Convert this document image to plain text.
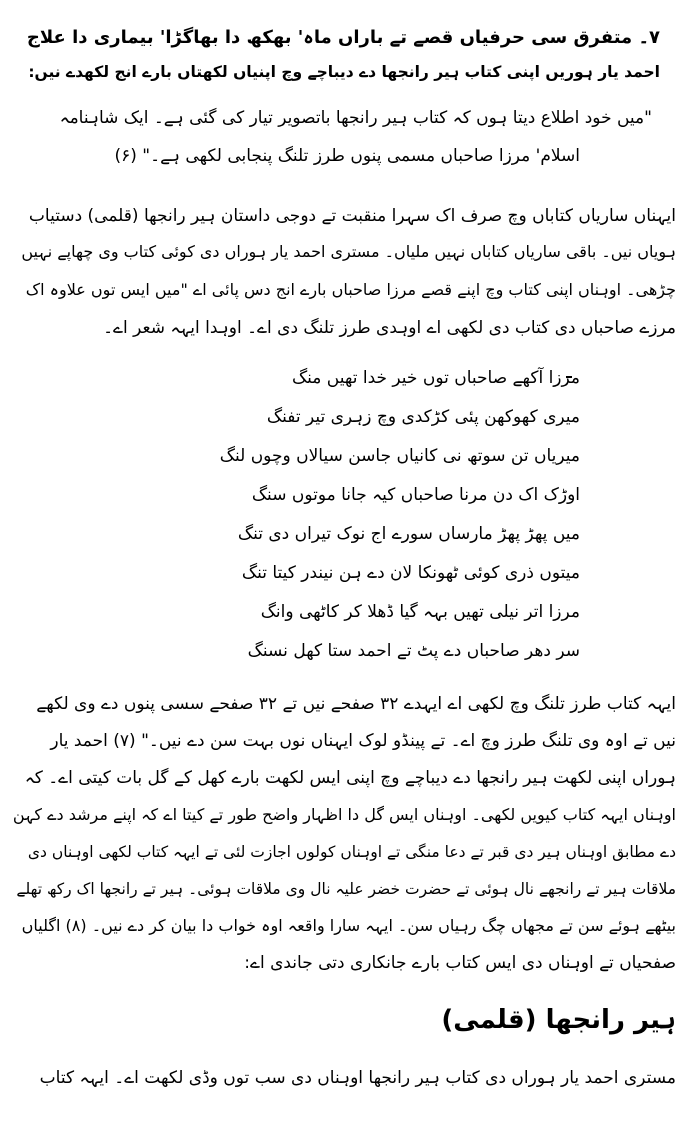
۷۔ متفرق سی حرفیاں قصے تے باراں ماہ' بھکھ دا بھاگڑا' بیماری دا علاج
احمد یار ہوریں اپنی کتاب ہیر رانجھا دے دیباچے وچ اپنیاں لکھتاں بارے انج لکھدے نیں:
"میں خود اطلاع دیتا ہوں کہ کتاب ہیر رانجھا باتصویر تیار کی گئی ہے۔ ایک شاہنامہ
اسلام' مرزا صاحباں مسمی پنوں طرز تلنگ پنجابی لکھی ہے۔" (۶)
ایہناں ساریاں کتاباں وچ صرف اک سہرا منقبت تے دوجی داستان ہیر رانجھا (قلمی) دستیاب
ہویاں نیں۔ باقی ساریاں کتاباں نہیں ملیاں۔ مستری احمد یار ہوراں دی کوئی کتاب وی چھاپے نہیں
چڑھی۔ اوہناں اپنی کتاب وچ اپنے قصے مرزا صاحباں بارے انج دس پائی اے "میں ایس توں علاوہ اک
مرزے صاحباں دی کتاب دی لکھی اے اوہدی طرز تلنگ دی اے۔ اوہدا ایہہ شعر اے۔
مرزا آکھے صاحباں توں خیر خدا تھیں منگ
میری کھوکھن پئی کڑکدی وچ زہری تیر تفنگ
میریاں تن سوتھ نی کانیاں جاسن سیالاں وچوں لنگ
اوڑک اک دن مرنا صاحباں کیہ جانا موتوں سنگ
میں پھڑ پھڑ مارساں سورے اج نوک تیراں دی تنگ
میتوں ذری کوئی ٹھونکا لان دے ہن نیندر کیتا تنگ
مرزا اتر نیلی تھیں بہہ گیا ڈھلا کر کاٹھی وانگ
سر دھر صاحباں دے پٹ تے احمد ستا کھل نسنگ
ایہہ کتاب طرز تلنگ وچ لکھی اے ایہدے ۳۲ صفحے نیں تے ۳۲ صفحے سسی پنوں دے وی لکھے
نیں تے اوہ وی تلنگ طرز وچ اے۔ تے پینڈو لوک ایہناں نوں بہت سن دے نیں۔" (۷) احمد یار
ہوراں اپنی لکھت ہیر رانجھا دے دیباچے وچ اپنی ایس لکھت بارے کھل کے گل بات کیتی اے۔ کہ
اوہناں ایہہ کتاب کیویں لکھی۔ اوہناں ایس گل دا اظہار واضح طور تے کیتا اے کہ اپنے مرشد دے کہن
دے مطابق اوہناں ہیر دی قبر تے دعا منگی تے اوہناں کولوں اجازت لئی تے ایہہ کتاب لکھی اوہناں دی
ملاقات ہیر تے رانجھے نال ہوئی تے حضرت خضر علیہ نال وی ملاقات ہوئی۔ ہیر تے رانجھا اک رکھ تھلے
بیٹھے ہوئے سن تے مجھاں چگ رہیاں سن۔ ایہہ سارا واقعہ اوہ خواب دا بیان کر دے نیں۔ (۸) اگلیاں
صفحیاں تے اوہناں دی ایس کتاب بارے جانکاری دتی جاندی اے:
ہیر رانجھا (قلمی)
مستری احمد یار ہوراں دی کتاب ہیر رانجھا اوہناں دی سب توں وڈی لکھت اے۔ ایہہ کتاب
